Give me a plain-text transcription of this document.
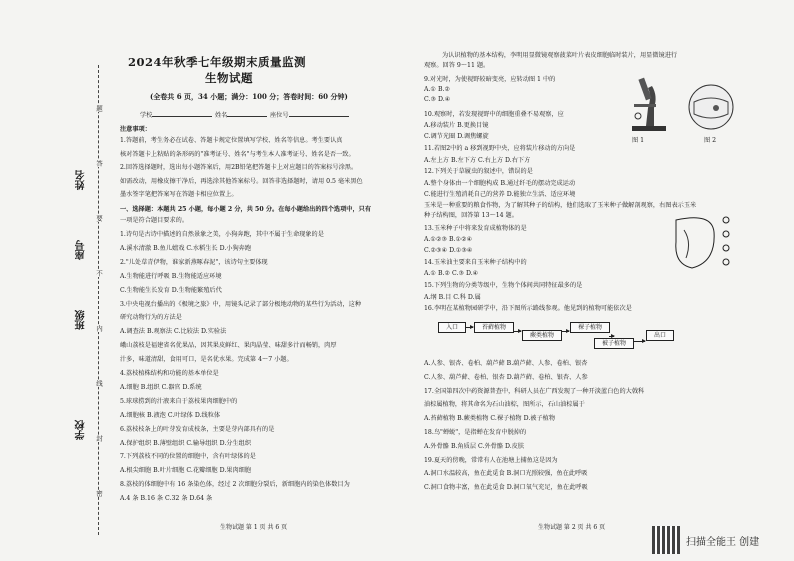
2024年秋季七年级期末质量监测
生物试题
(全卷共 6 页，34 小题；满分：100 分；答卷时间：60 分钟)
学校	姓名	座位号
注意事项：
1.答题前，考生务必在试卷、答题卡规定位置填写学校、姓名等信息。考生要认真
核对答题卡上粘贴的条形码的"准考证号、姓名"与考生本人准考证号、姓名是否一致。
2.回答选择题时，选出每小题答案后，用2B铅笔把答题卡上对应题目的答案标号涂黑。
如需改动，用橡皮擦干净后，再选涂其他答案标号。回答非选择题时，请用 0.5 毫米黑色
墨水签字笔把答案写在答题卡相应位置上。
一、选择题：本题共 25 小题，每小题 2 分，共 50 分。在每小题给出的四个选项中，只有
一项是符合题目要求的。
1.诗句是古诗中描述的自然景象之美，小狗奔跑，其中不属于生命现象的是
A.溪水清澈 B.鱼儿嬉戏 C.水稻生长 D.小狗奔跑
2."儿处草青伊物，谁家新燕啄春泥"，该诗句主要体现
A.生物能进行呼吸 B.生物能适应环境
C.生物能生长发育 D.生物能繁殖后代
3.中央电视台播出的《极境之旅》中，用镜头记录了部分极地动物的某些行为活动，这种
研究动物行为的方法是
A.调查法 B.观察法 C.比较法 D.实验法
峨山荔枝是福建省名优果品，因其果皮鲜红、果肉晶莹、味甜多汁而畅销，肉厚
汁多，味道清甜，食用可口，是名优水果。完成第 4～7 小题。
4.荔枝植株结构和功能的基本单位是
A.细胞 B.组织 C.器官 D.系统
5.球球捞到的汁液来自于荔枝果肉细胞中的
A.细胞核 B.液泡 C.叶绿体 D.线粒体
6.荔枝枝条上的叶芽发育成枝条，主要是芽内部具有的是
A.保护组织 B.薄壁组织 C.输导组织 D.分生组织
7.下列荔枝不同的位置的细胞中，含有叶绿体的是
A.根尖细胞 B.叶片细胞 C.花瓣细胞 D.果肉细胞
8.荔枝的体细胞中有 16 条染色体，经过 2 次细胞分裂后，新细胞内的染色体数目为
A.4 条 B.16 条 C.32 条 D.64 条
生物试题 第 1 页 共 6 页
题
答
要
不
内
线
封
密
姓名
座号
班级
学校
为认识植物的基本结构，李明用显微镜观察菠菜叶片表皮细胞临时装片，用显微镜进行
观察。回答 9～11 题。
图 1	图 2
9.对光时，为使视野较暗变亮，应转动图 1 中的
A.① B.②
C.③ D.④
10.观察时，若发现视野中的细胞重叠不易观察，应
A.移动装片 B.更换目镜
C.调节光圈 D.调焦螺旋
11.若图2中的 a 移到视野中央，应将装片移动的方向是
A.左上方 B.左下方 C.右上方 D.右下方
12.下列关于草履虫的叙述中，错误的是
A.整个身体由一个细胞构成 B.通过纤毛的摆动完成运动
C.能进行生殖消耗自己的营养 D.能独立生活、适应环境
玉米是一种重要的粮食作物，为了解其种子的结构，他们选取了玉米种子做解剖观察，右图表示玉米
种子结构图，回答第 13～14 题。
13.玉米种子中将来发育成植物体的是
A.①②③ B.①②④
C.②③④ D.①③④
14.玉米油主要来自玉米种子结构中的
A.① B.② C.③ D.④
15.下列生物的分类等级中，生物个体间共同特征最多的是
A.纲 B.目 C.科 D.属
16.李明在某植物园研学中，沿下图所示路线参观。他见到的植物可能依次是
入口	苔藓植物
蕨类植物
裸子植物
被子植物
出口
A.人参、银杏、卷柏、葫芦藓 B.葫芦藓、人参、卷柏、银杏
C.人参、葫芦藓、卷柏、银杏 D.葫芦藓、卷柏、银杏、人参
17.全国第四次中药资源普查中，科研人员在广西发现了一种开淡蓝白色的大戟科
油棕属植物，将其命名为石山油棕，图所示，石山油棕属于
A.苔藓植物 B.蕨类植物 C.裸子植物 D.被子植物
18.鸟"蝉蜕"，是指蝉在发育中脱掉的
A.外骨骼 B.角质层 C.外骨骼 D.皮肤
19.夏天的傍晚，常常有人在池塘上捕鱼这是因为
A.洞口水温较高，鱼在此觅食 B.洞口光照较强，鱼在此呼吸
C.洞口食物丰富，鱼在此觅食 D.洞口氧气充足，鱼在此呼吸
生物试题 第 2 页 共 6 页
扫描全能王 创建
